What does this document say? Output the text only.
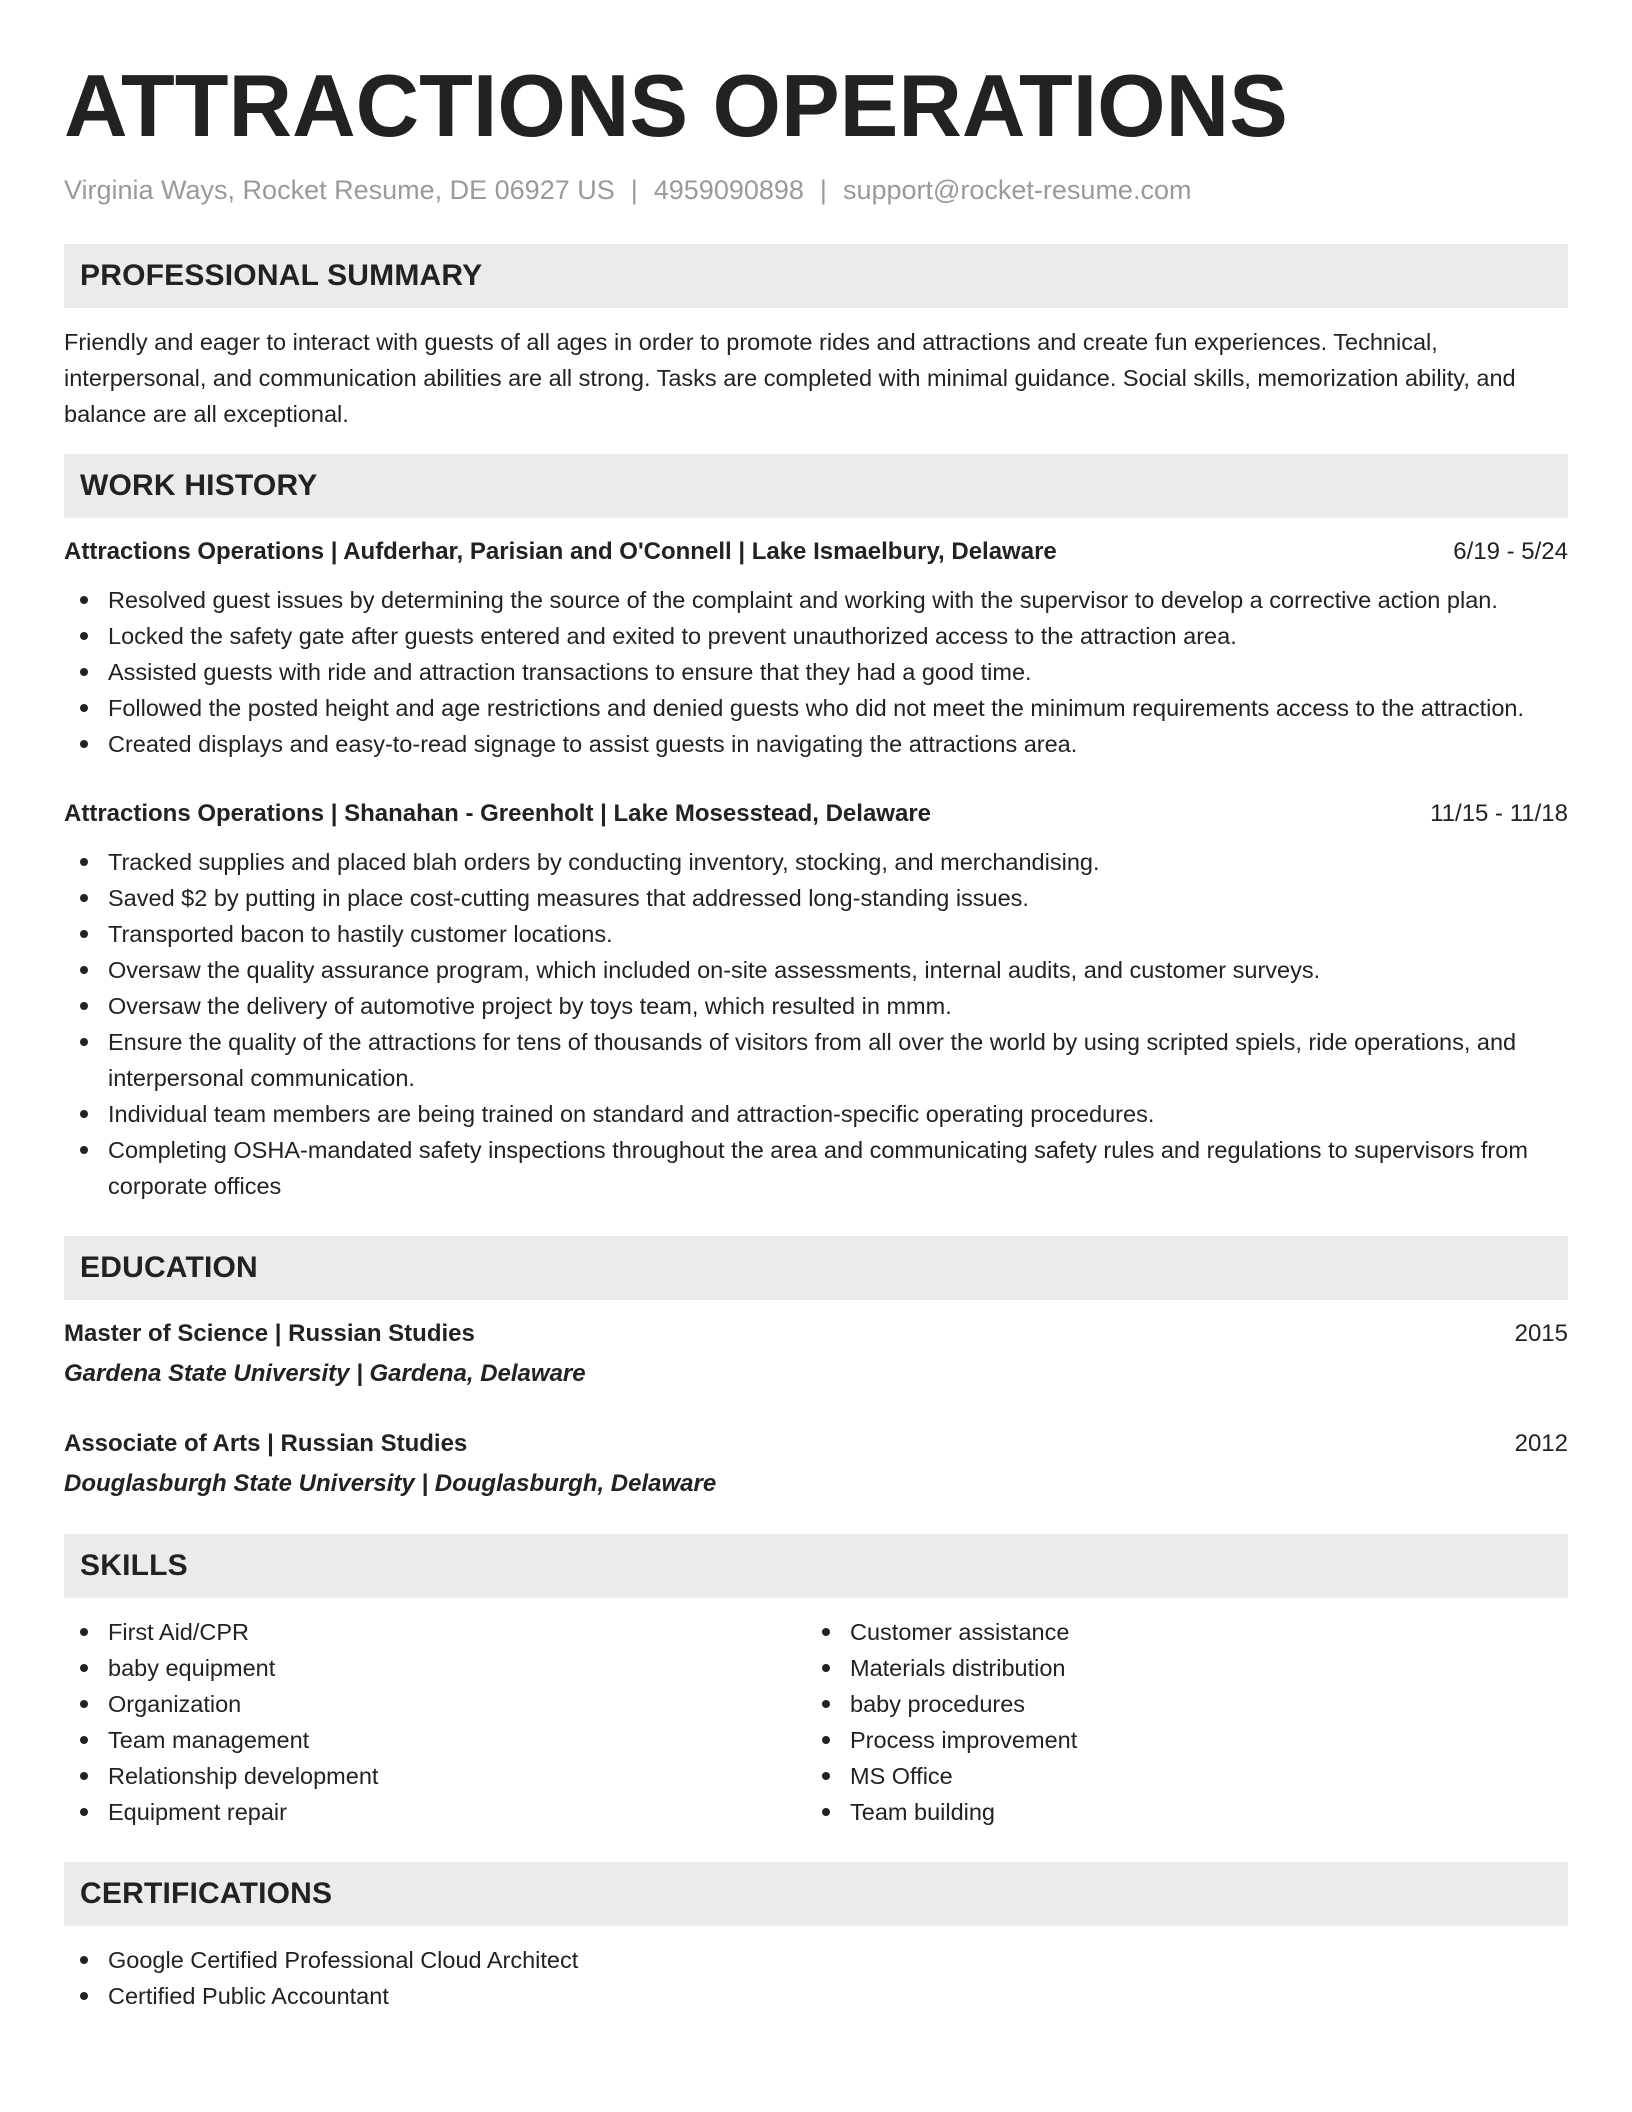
ATTRACTIONS OPERATIONS
Virginia Ways, Rocket Resume, DE 06927 US | 4959090898 | support@rocket-resume.com
PROFESSIONAL SUMMARY
Friendly and eager to interact with guests of all ages in order to promote rides and attractions and create fun experiences. Technical, interpersonal, and communication abilities are all strong. Tasks are completed with minimal guidance. Social skills, memorization ability, and balance are all exceptional.
WORK HISTORY
Attractions Operations | Aufderhar, Parisian and O'Connell | Lake Ismaelbury, Delaware	6/19 - 5/24
Resolved guest issues by determining the source of the complaint and working with the supervisor to develop a corrective action plan.
Locked the safety gate after guests entered and exited to prevent unauthorized access to the attraction area.
Assisted guests with ride and attraction transactions to ensure that they had a good time.
Followed the posted height and age restrictions and denied guests who did not meet the minimum requirements access to the attraction.
Created displays and easy-to-read signage to assist guests in navigating the attractions area.
Attractions Operations | Shanahan - Greenholt | Lake Mosesstead, Delaware	11/15 - 11/18
Tracked supplies and placed blah orders by conducting inventory, stocking, and merchandising.
Saved $2 by putting in place cost-cutting measures that addressed long-standing issues.
Transported bacon to hastily customer locations.
Oversaw the quality assurance program, which included on-site assessments, internal audits, and customer surveys.
Oversaw the delivery of automotive project by toys team, which resulted in mmm.
Ensure the quality of the attractions for tens of thousands of visitors from all over the world by using scripted spiels, ride operations, and interpersonal communication.
Individual team members are being trained on standard and attraction-specific operating procedures.
Completing OSHA-mandated safety inspections throughout the area and communicating safety rules and regulations to supervisors from corporate offices
EDUCATION
Master of Science | Russian Studies	2015
Gardena State University | Gardena, Delaware
Associate of Arts | Russian Studies	2012
Douglasburgh State University | Douglasburgh, Delaware
SKILLS
First Aid/CPR
baby equipment
Organization
Team management
Relationship development
Equipment repair
Customer assistance
Materials distribution
baby procedures
Process improvement
MS Office
Team building
CERTIFICATIONS
Google Certified Professional Cloud Architect
Certified Public Accountant
